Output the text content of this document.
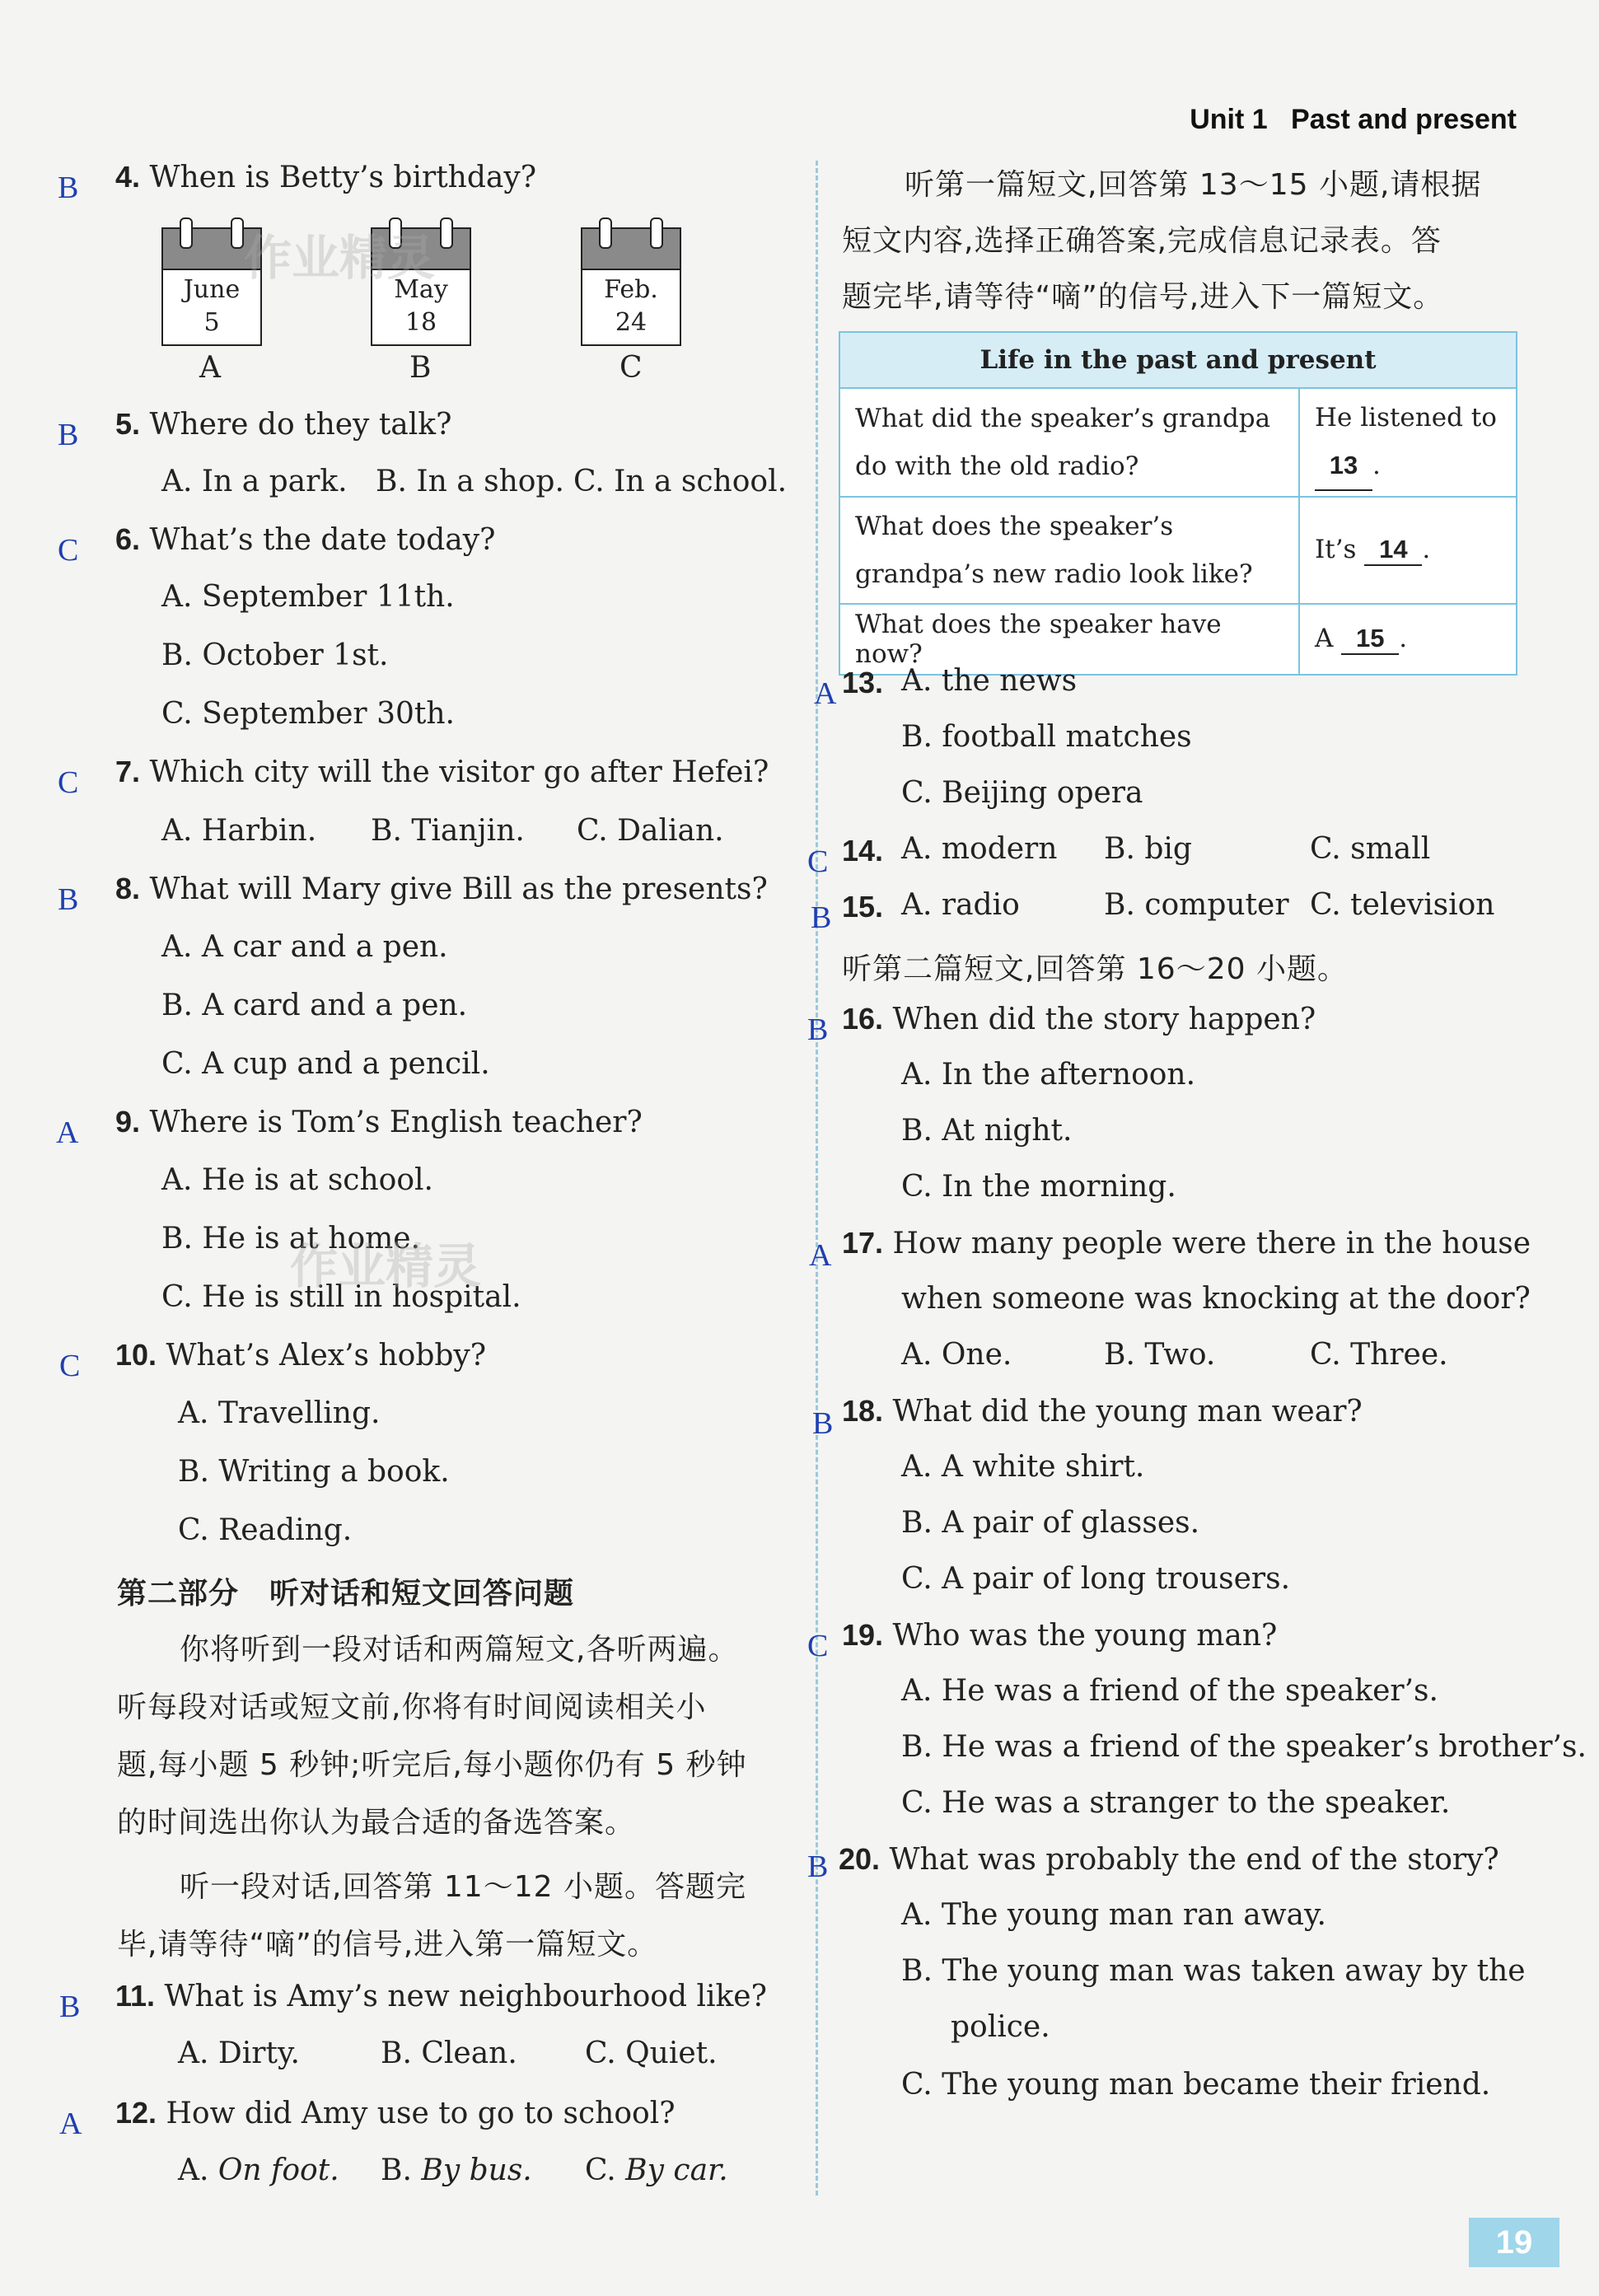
Unit 1 Past and present
B 4. When is Betty’s birthday?
June
5
A
May
18
B
Feb.
24
C
作业精灵
B 5. Where do they talk?
A. In a park. B. In a shop. C. In a school.
C 6. What’s the date today?
A. September 11th.
B. October 1st.
C. September 30th.
C 7. Which city will the visitor go after Hefei?
A. Harbin. B. Tianjin. C. Dalian.
B 8. What will Mary give Bill as the presents?
A. A car and a pen.
B. A card and a pen.
C. A cup and a pencil.
A 9. Where is Tom’s English teacher?
A. He is at school.
B. He is at home.
C. He is still in hospital.
作业精灵
C 10. What’s Alex’s hobby?
A. Travelling.
B. Writing a book.
C. Reading.
第二部分　听对话和短文回答问题
你将听到一段对话和两篇短文,各听两遍。
听每段对话或短文前,你将有时间阅读相关小
题,每小题 5 秒钟;听完后,每小题你仍有 5 秒钟
的时间选出你认为最合适的备选答案。
听一段对话,回答第 11～12 小题。答题完
毕,请等待“嘀”的信号,进入第一篇短文。
B 11. What is Amy’s new neighbourhood like?
A. Dirty.	B. Clean. C. Quiet.
A 12. How did Amy use to go to school?
A. On foot. B. By bus. C. By car.
听第一篇短文,回答第 13～15 小题,请根据
短文内容,选择正确答案,完成信息记录表。答
题完毕,请等待“嘀”的信号,进入下一篇短文。
Life in the past and present	
What did the speaker’s grandpa do with the old radio?	He listened to
13 .
What does the speaker’s grandpa’s new radio look like?	It’s 14 .
What does the speaker have now?	A 15 .
A 13. A. the news
B. football matches
C. Beijing opera
C 14. A. modern B. big	C. small
B 15. A. radio	B. computer C. television
听第二篇短文,回答第 16～20 小题。
B 16. When did the story happen?
A. In the afternoon.
B. At night.
C. In the morning.
A 17. How many people were there in the house
when someone was knocking at the door?
A. One.	B. Two.	C. Three.
B 18. What did the young man wear?
A. A white shirt.
B. A pair of glasses.
C. A pair of long trousers.
C 19. Who was the young man?
A. He was a friend of the speaker’s.
B. He was a friend of the speaker’s brother’s.
C. He was a stranger to the speaker.
B 20. What was probably the end of the story?
A. The young man ran away.
B. The young man was taken away by the
police.
C. The young man became their friend.
19
